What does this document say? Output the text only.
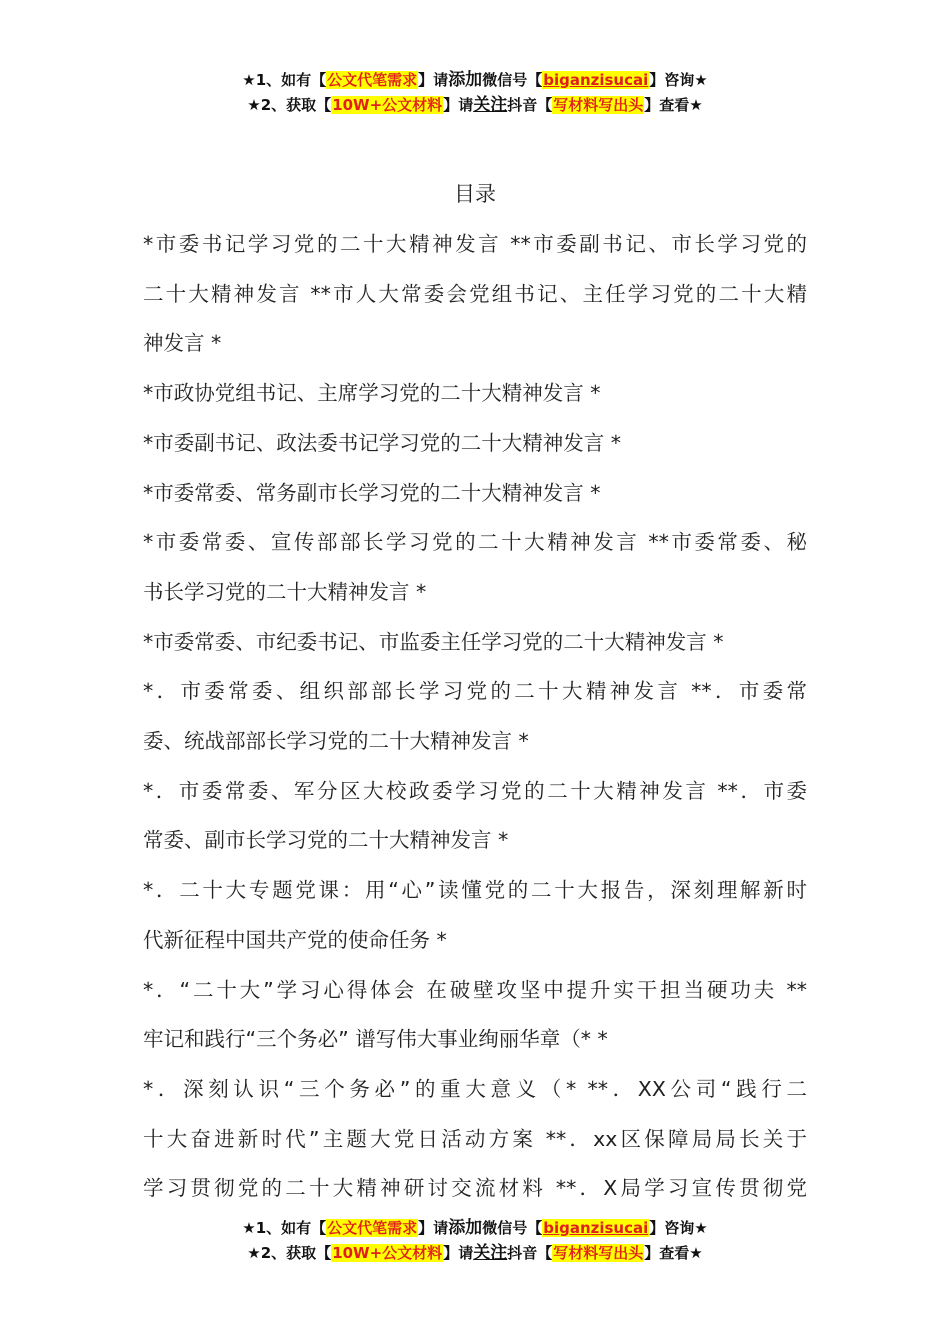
★1、如有【公文代笔需求】请添加微信号【biganzisucai】咨询★
★2、获取【10W+公文材料】请关注抖音【写材料写出头】查看★
目录
*市委书记学习党的二十大精神发言 **市委副书记、市长学习党的
二十大精神发言 **市人大常委会党组书记、主任学习党的二十大精
神发言 *
*市政协党组书记、主席学习党的二十大精神发言 *
*市委副书记、政法委书记学习党的二十大精神发言 *
*市委常委、常务副市长学习党的二十大精神发言 *
*市委常委、宣传部部长学习党的二十大精神发言 **市委常委、秘
书长学习党的二十大精神发言 *
*市委常委、市纪委书记、市监委主任学习党的二十大精神发言 *
*．市委常委、组织部部长学习党的二十大精神发言 **．市委常
委、统战部部长学习党的二十大精神发言 *
*．市委常委、军分区大校政委学习党的二十大精神发言 **．市委
常委、副市长学习党的二十大精神发言 *
*．二十大专题党课：用“心”读懂党的二十大报告，深刻理解新时
代新征程中国共产党的使命任务 *
*．“二十大”学习心得体会 在破壁攻坚中提升实干担当硬功夫 **
牢记和践行“三个务必” 谱写伟大事业绚丽华章（* *
*．深刻认识“三个务必”的重大意义（* **．XX公司“践行二
十大奋进新时代”主题大党日活动方案 **．xx区保障局局长关于
学习贯彻党的二十大精神研讨交流材料 **．X局学习宣传贯彻党
★1、如有【公文代笔需求】请添加微信号【biganzisucai】咨询★
★2、获取【10W+公文材料】请关注抖音【写材料写出头】查看★
